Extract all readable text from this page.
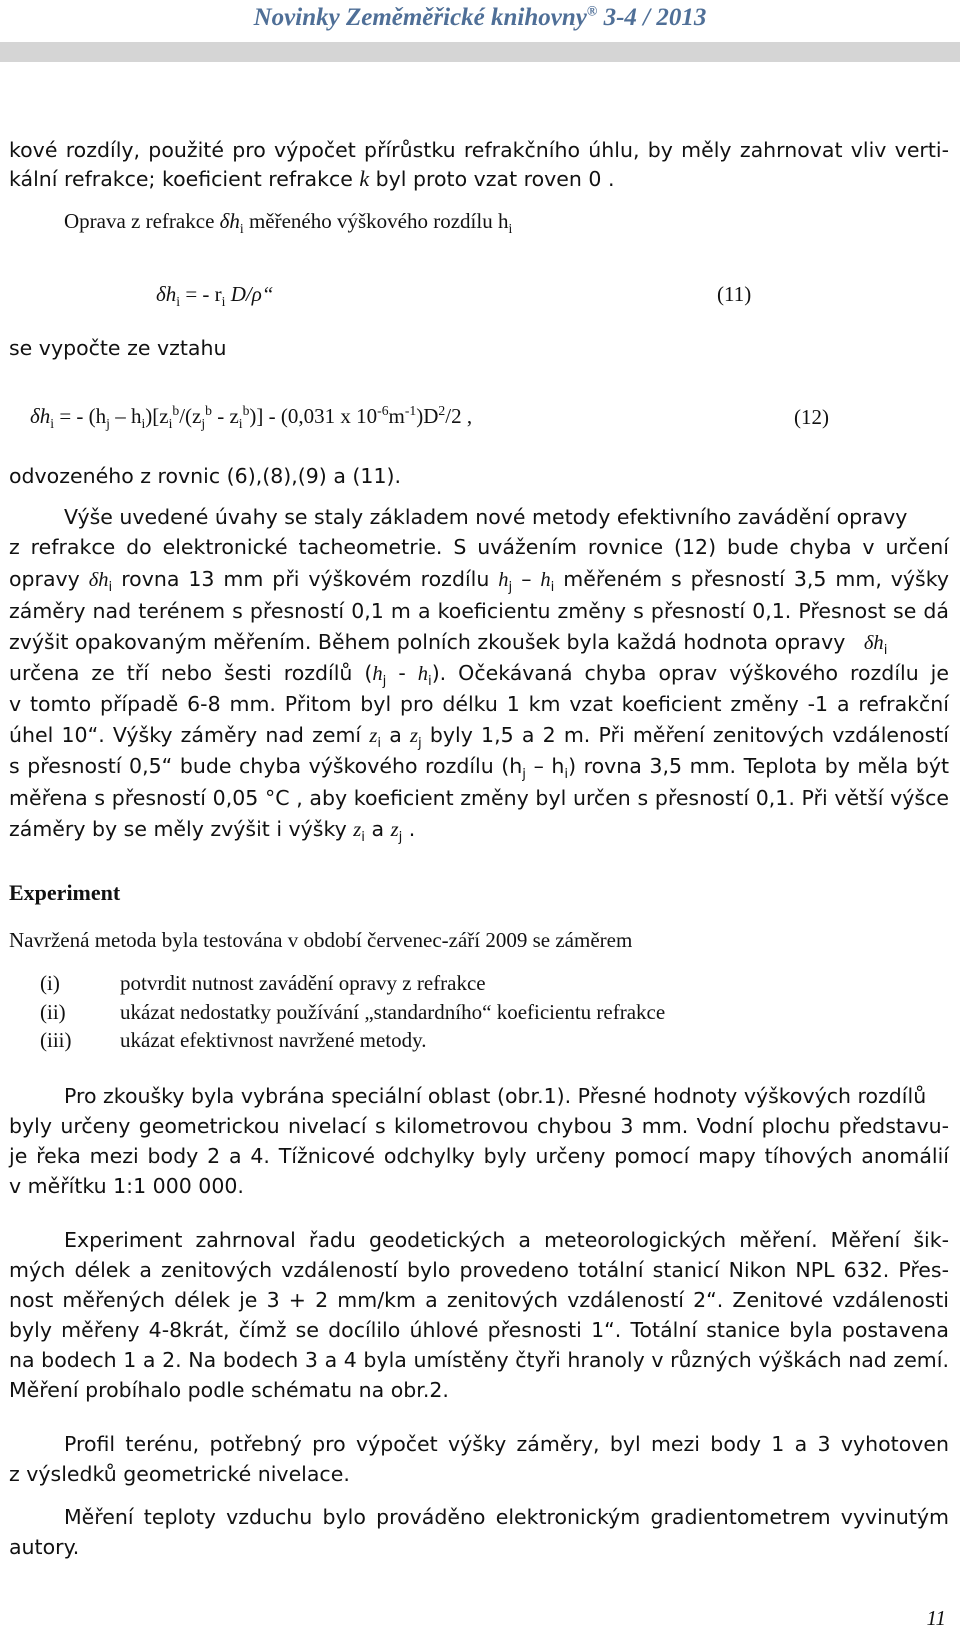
Novinky Zeměměřické knihovny® 3-4 / 2013
kové rozdíly, použité pro výpočet přírůstku refrakčního úhlu, by měly zahrnovat vliv verti-
kální refrakce; koeficient refrakce k byl proto vzat roven 0 .
Oprava z refrakce $\delta h_i$ měřeného výškového rozdílu $h_i$
$\delta h_i$ = - $r_i$ D/ρ“	(11)
se vypočte ze vztahu
$\delta h_i$ = - $(h_j - h_i)[z_i^b/(z_j^b - z_i^b)] - (0,031$ x $10^{-6}m^{-1})D^2/2$ ,	(12)
odvozeného z rovnic (6),(8),(9) a (11).
Výše uvedené úvahy se staly základem nové metody efektivního zavádění opravy
z refrakce do elektronické tacheometrie. S uvážením rovnice (12) bude chyba v určení
opravy $\delta h_i$ rovna 13 mm při výškovém rozdílu $h_j - h_i$ měřeném s přesností 3,5 mm, výšky
záměry nad terénem s přesností 0,1 m a koeficientu změny s přesností 0,1. Přesnost se dá
zvýšit opakovaným měřením. Během polních zkoušek byla každá hodnota opravy $\delta h_i$
určena ze tří nebo šesti rozdílů $(h_j - h_i)$. Očekávaná chyba oprav výškového rozdílu je
v tomto případě 6-8 mm. Přitom byl pro délku 1 km vzat koeficient změny -1 a refrakční
úhel 10“. Výšky záměry nad zemí $z_i$ a $z_j$ byly 1,5 a 2 m. Při měření zenitových vzdáleností
s přesností 0,5“ bude chyba výškového rozdílu $(h_j - h_i)$ rovna 3,5 mm. Teplota by měla být
měřena s přesností 0,05 °C , aby koeficient změny byl určen s přesností 0,1. Při větší výšce
záměry by se měly zvýšit i výšky $z_i$ a $z_j$ .
Experiment
Navržená metoda byla testována v období červenec-září 2009 se záměrem
(i)	potvrdit nutnost zavádění opravy z refrakce
(ii)	ukázat nedostatky používání „standardního“ koeficientu refrakce
(iii) ukázat efektivnost navržené metody.
Pro zkoušky byla vybrána speciální oblast (obr.1). Přesné hodnoty výškových rozdílů
byly určeny geometrickou nivelací s kilometrovou chybou 3 mm. Vodní plochu představu-
je řeka mezi body 2 a 4. Tížnicové odchylky byly určeny pomocí mapy tíhových anomálií
v měřítku 1:1 000 000.
Experiment zahrnoval řadu geodetických a meteorologických měření. Měření šik-
mých délek a zenitových vzdáleností bylo provedeno totální stanicí Nikon NPL 632. Přes-
nost měřených délek je 3 + 2 mm/km a zenitových vzdáleností 2“. Zenitové vzdálenosti
byly měřeny 4-8krát, čímž se docílilo úhlové přesnosti 1“. Totální stanice byla postavena
na bodech 1 a 2. Na bodech 3 a 4 byla umístěny čtyři hranoly v různých výškách nad zemí.
Měření probíhalo podle schématu na obr.2.
Profil terénu, potřebný pro výpočet výšky záměry, byl mezi body 1 a 3 vyhotoven
z výsledků geometrické nivelace.
Měření teploty vzduchu bylo prováděno elektronickým gradientometrem vyvinutým
autory.
11
